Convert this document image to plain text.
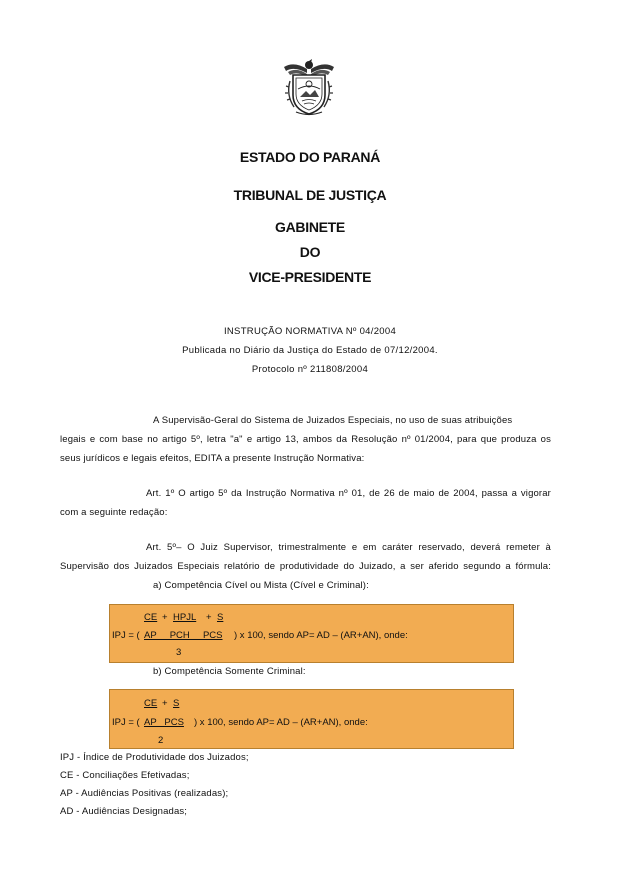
ESTADO DO PARANÁ
TRIBUNAL DE JUSTIÇA
GABINETE
DO
VICE-PRESIDENTE
INSTRUÇÃO NORMATIVA Nº 04/2004
Publicada no Diário da Justiça do Estado de 07/12/2004.
Protocolo nº 211808/2004
A Supervisão-Geral do Sistema de Juizados Especiais, no uso de suas atribuições
legais e com base no artigo 5º, letra "a" e artigo 13, ambos da Resolução nº 01/2004, para que produza os
seus jurídicos e legais efeitos, EDITA a presente Instrução Normativa:
Art. 1º O artigo 5º da Instrução Normativa nº 01, de 26 de maio de 2004, passa a vigorar
com a seguinte redação:
Art. 5º– O Juiz Supervisor, trimestralmente e em caráter reservado, deverá remeter à
Supervisão dos Juizados Especiais relatório de produtividade do Juizado, a ser aferido segundo a fórmula:
a) Competência Cível ou Mista (Cível e Criminal):
CE + HPJL + S
IPJ = ( AP     PCH     PCS ) x 100, sendo AP= AD – (AR+AN), onde:
3
b) Competência Somente Criminal:
CE + S
IPJ = ( AP   PCS ) x 100, sendo AP= AD – (AR+AN), onde:
2
IPJ - Índice de Produtividade dos Juizados;
CE - Conciliações Efetivadas;
AP - Audiências Positivas (realizadas);
AD - Audiências Designadas;
